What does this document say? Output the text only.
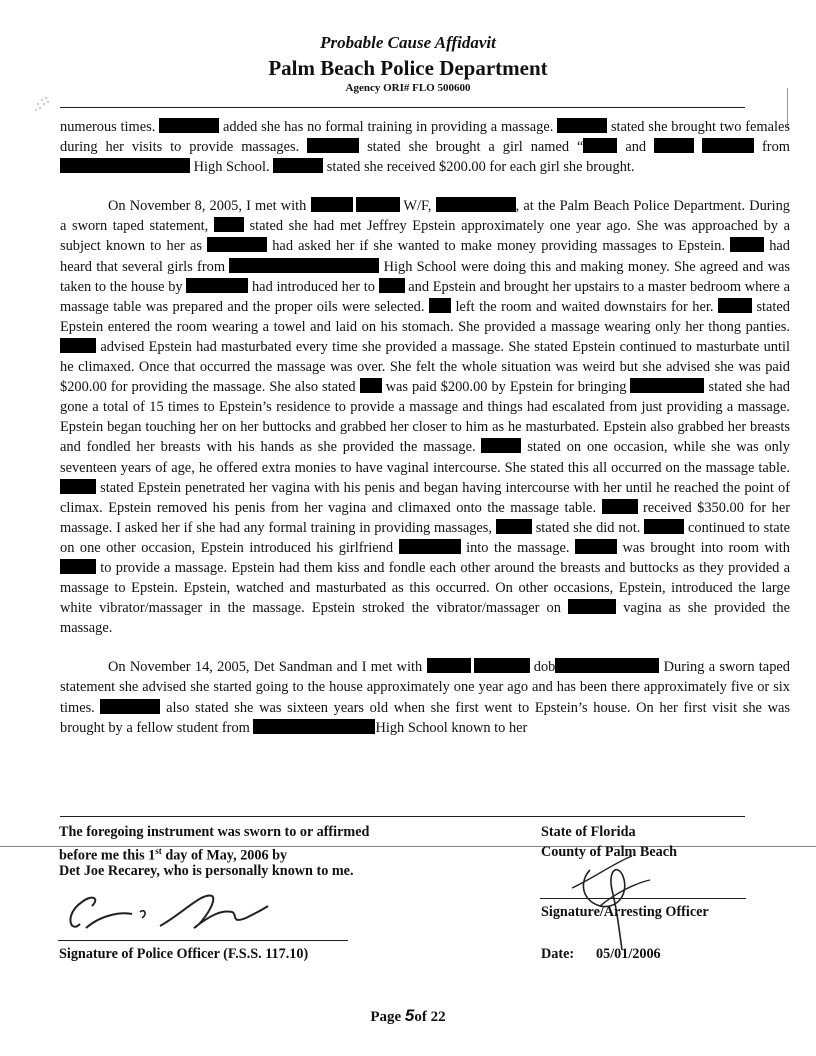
Probable Cause Affidavit
Palm Beach Police Department
Agency ORI# FLO 500600

numerous times.	added she has no formal training in providing a massage.	stated she brought two females during her visits to provide massages.	stated she brought a girl named “	and	from  High School.	stated she received $200.00 for each girl she brought.

On November 8, 2005, I met with	W/F,	, at the Palm Beach Police Department. During a sworn taped statement,	stated she had met Jeffrey Epstein approximately one year ago. She was approached by a subject known to her as	had asked her if she wanted to make money providing massages to Epstein.	had heard that several girls from	High School were doing this and making money. She agreed and was taken to the house by	had introduced her to and Epstein and brought her upstairs to a master bedroom where a massage table was prepared and the proper oils were selected. left the room and waited downstairs for her.	stated Epstein entered the room wearing a towel and laid on his stomach. She provided a massage wearing only her thong panties.  advised Epstein had masturbated every time she provided a massage. She stated Epstein continued to masturbate until he climaxed. Once that occurred the massage was over. She felt the whole situation was weird but she advised she was paid $200.00 for providing the massage. She also stated was paid $200.00 by Epstein for bringing	stated she had gone a total of 15 times to Epstein’s residence to provide a massage and things had escalated from just providing a massage. Epstein began touching her on her buttocks and grabbed her closer to him as he masturbated. Epstein also grabbed her breasts and fondled her breasts with his hands as she provided the massage.	stated on one occasion, while she was only seventeen years of age, he offered extra monies to have vaginal intercourse. She stated this all occurred on the massage table.  stated Epstein penetrated her vagina with his penis and began having intercourse with her until he reached the point of climax. Epstein removed his penis from her vagina and climaxed onto the massage table.	received $350.00 for her massage. I asked her if she had any formal training in providing massages,	stated she did not.	continued to state on one other occasion, Epstein introduced his girlfriend	into the massage.	was brought into room with  to provide a massage. Epstein had them kiss and fondle each other around the breasts and buttocks as they provided a massage to Epstein. Epstein, watched and masturbated as this occurred. On other occasions, Epstein, introduced the large white vibrator/massager in the massage. Epstein stroked the vibrator/massager on	vagina as she provided the massage.

On November 14, 2005, Det Sandman and I met with	dob	During a sworn taped statement she advised she started going to the house approximately one year ago and has been there approximately five or six times.	also stated she was sixteen years old when she first went to Epstein’s house. On her first visit she was brought by a fellow student from	High School known to her

The foregoing instrument was sworn to or affirmed
before me this 1st day of May, 2006 by
Det Joe Recarey, who is personally known to me.
Signature of Police Officer (F.S.S. 117.10)
State of Florida
County of Palm Beach
Signature/Arresting Officer
Date: 05/01/2006
Page 5of 22
